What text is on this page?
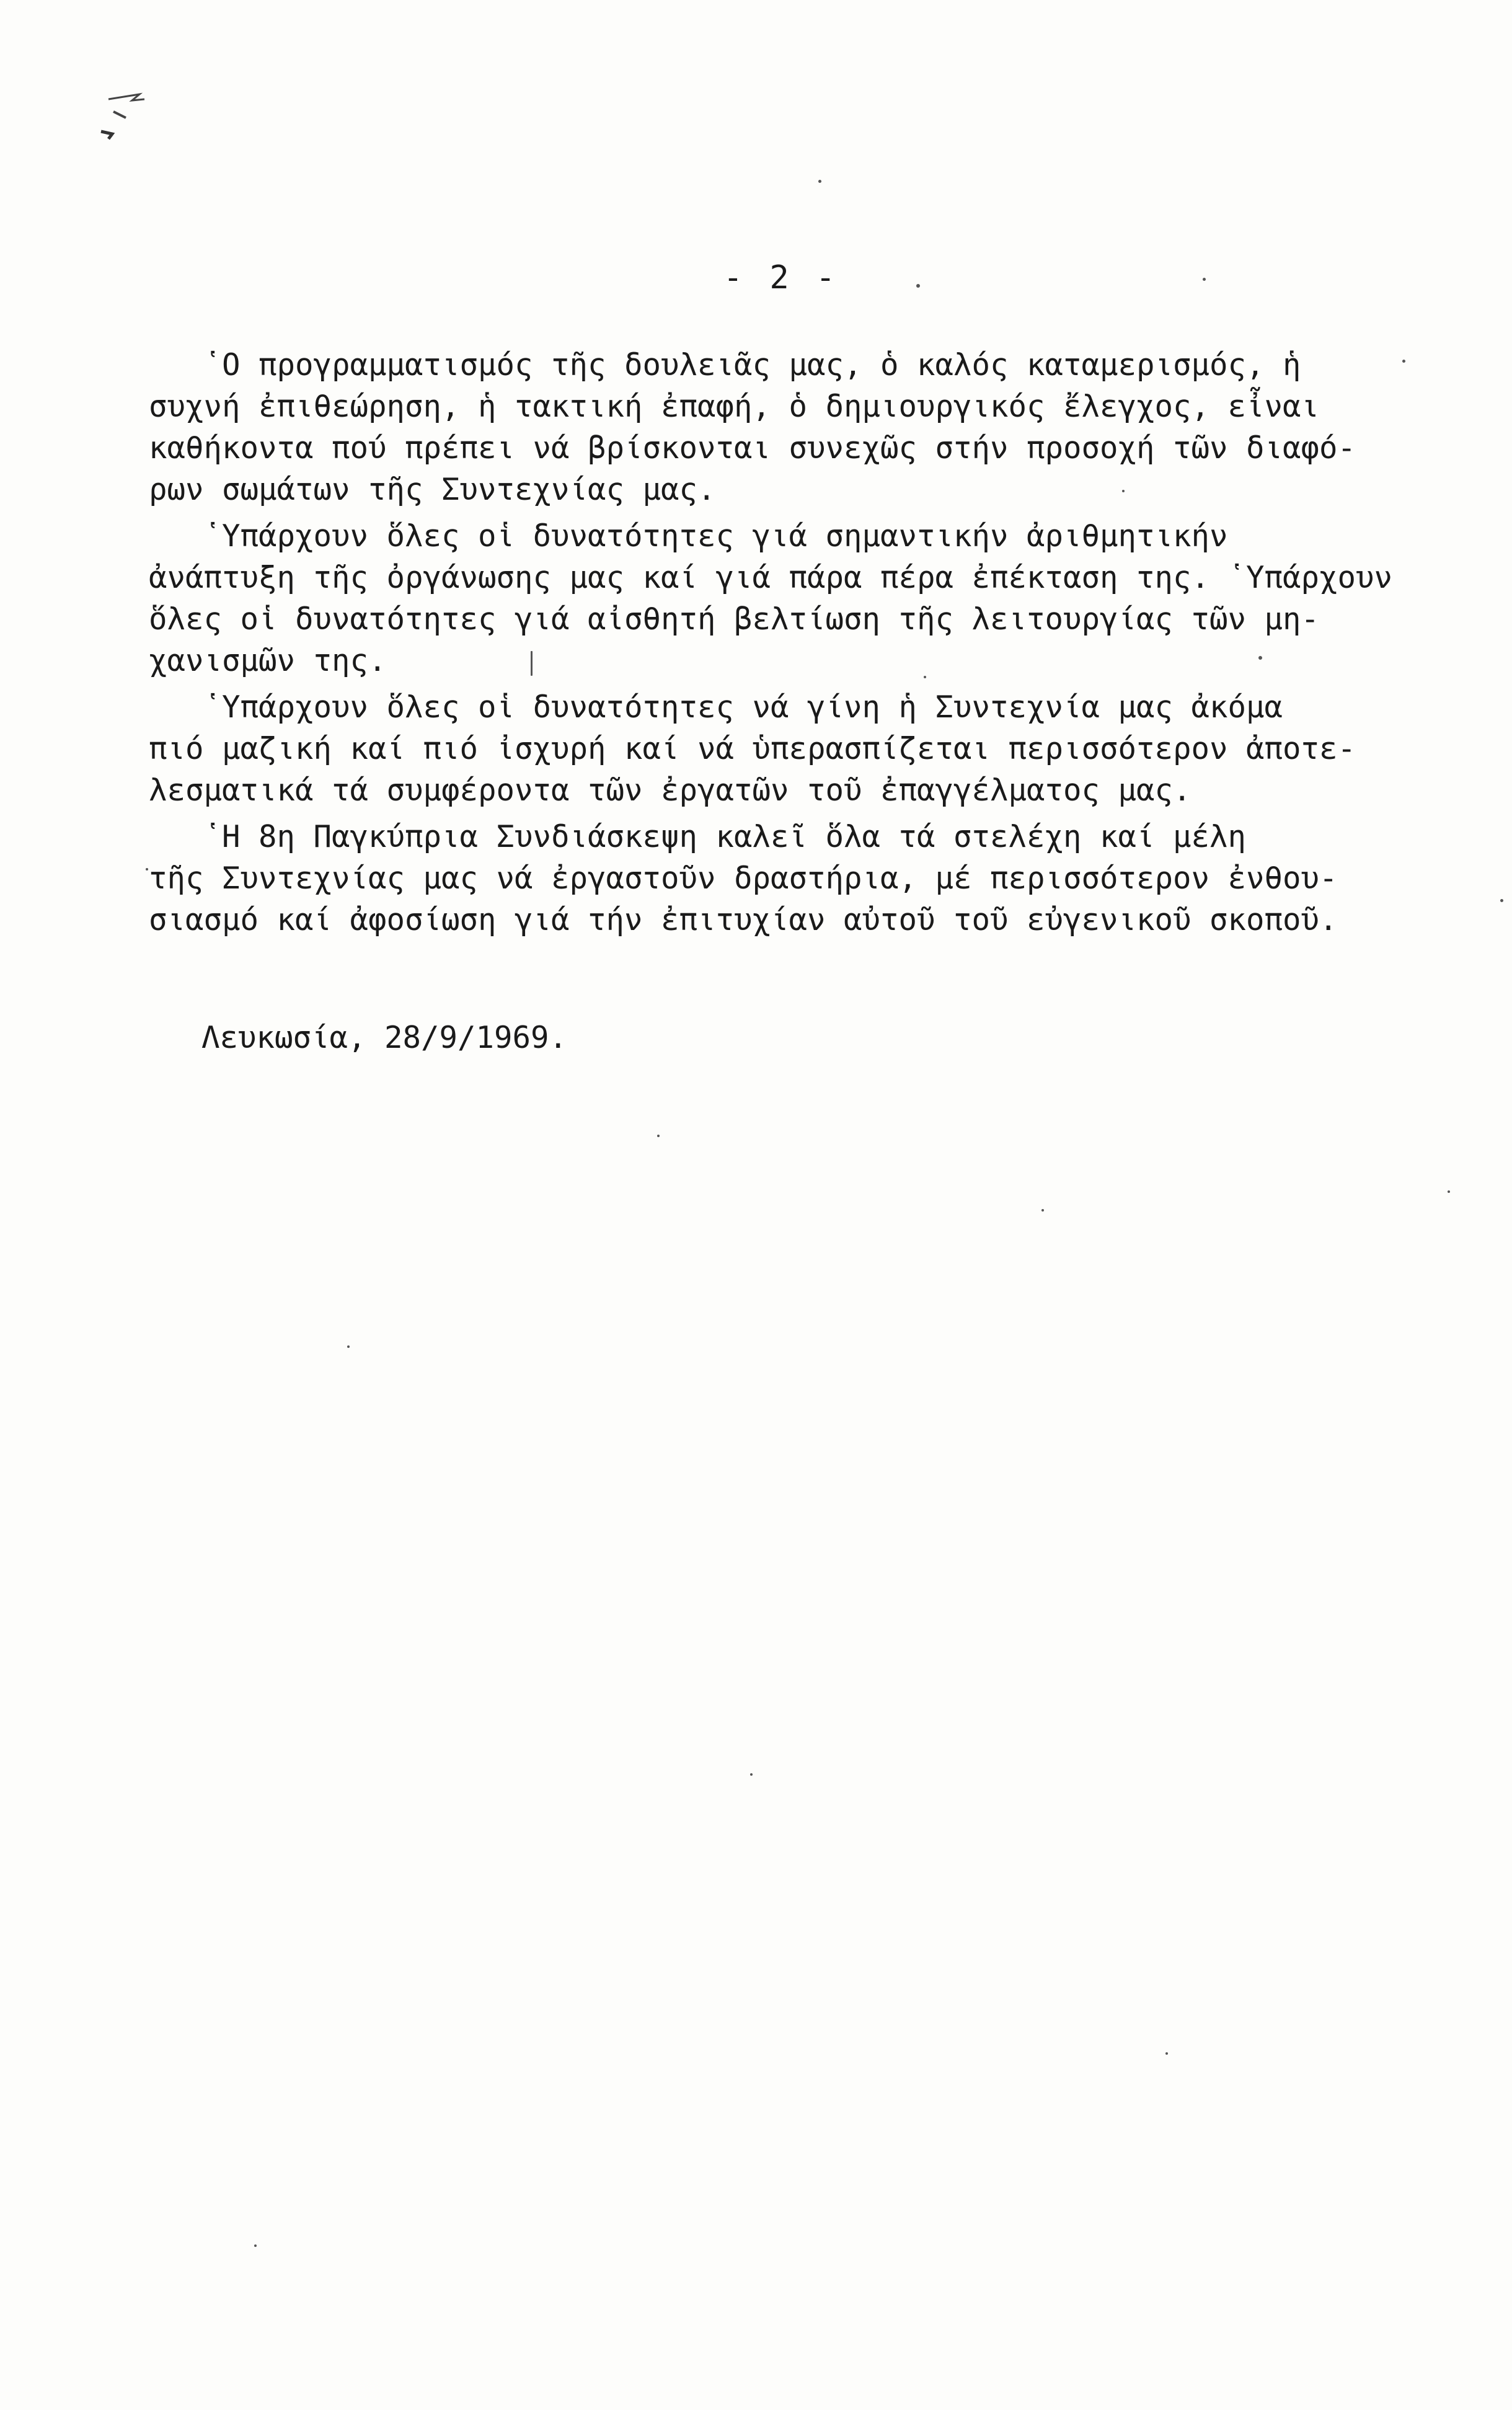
- 2 -
῾Ο προγραμματισμός τῆς δουλειᾶς μας, ὁ καλός καταμερισμός, ἡ
συχνή ἐπιθεώρηση, ἡ τακτική ἐπαφή, ὁ δημιουργικός ἔλεγχος, εἶναι
καθήκοντα πού πρέπει νά βρίσκονται συνεχῶς στήν προσοχή τῶν διαφό-
ρων σωμάτων τῆς Συντεχνίας μας.
῾Υπάρχουν ὅλες οἱ δυνατότητες γιά σημαντικήν ἀριθμητικήν
ἀνάπτυξη τῆς ὀργάνωσης μας καί γιά πάρα πέρα ἐπέκταση της. ῾Υπάρχουν
ὅλες οἱ δυνατότητες γιά αἰσθητή βελτίωση τῆς λειτουργίας τῶν μη-
χανισμῶν της.
῾Υπάρχουν ὅλες οἱ δυνατότητες νά γίνη ἡ Συντεχνία μας ἀκόμα
πιό μαζική καί πιό ἰσχυρή καί νά ὑπερασπίζεται περισσότερον ἀποτε-
λεσματικά τά συμφέροντα τῶν ἐργατῶν τοῦ ἐπαγγέλματος μας.
῾Η 8η Παγκύπρια Συνδιάσκεψη καλεῖ ὅλα τά στελέχη καί μέλη
τῆς Συντεχνίας μας νά ἐργαστοῦν δραστήρια, μέ περισσότερον ἐνθου-
σιασμό καί ἀφοσίωση γιά τήν ἐπιτυχίαν αὐτοῦ τοῦ εὐγενικοῦ σκοποῦ.
Λευκωσία, 28/9/1969.
